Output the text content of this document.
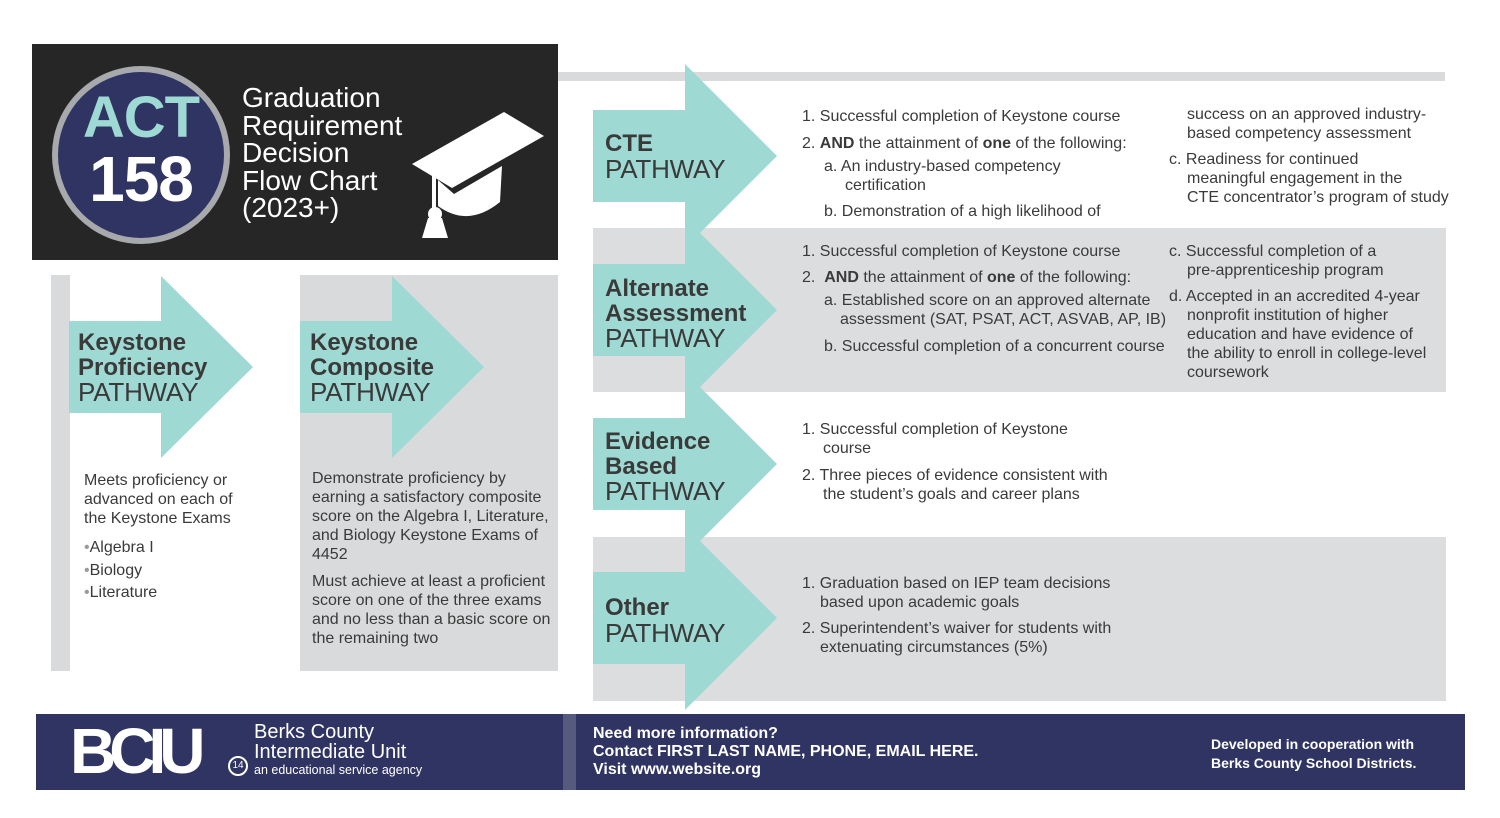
ACT
158
Graduation
Requirement
Decision
Flow Chart
(2023+)
Keystone
Proficiency
PATHWAY
Meets proficiency or
advanced on each of
the Keystone Exams
•Algebra I
•Biology
•Literature
Keystone
Composite
PATHWAY

Demonstrate proficiency by
earning a satisfactory composite
score on the Algebra I, Literature,
and Biology Keystone Exams of
4452

Must achieve at least a proficient
score on one of the three exams
and no less than a basic score on
the remaining two

CTE
PATHWAY
1. Successful completion of Keystone course
2. AND the attainment of one of the following:
a. An industry-based competency
certification
b. Demonstration of a high likelihood of
success on an approved industry-
based competency assessment
c. Readiness for continued
meaningful engagement in the
CTE concentrator’s program of study
Alternate
Assessment
PATHWAY
1. Successful completion of Keystone course
2. AND the attainment of one of the following:
a. Established score on an approved alternate
assessment (SAT, PSAT, ACT, ASVAB, AP, IB)
b. Successful completion of a concurrent course
c. Successful completion of a
pre-apprenticeship program
d. Accepted in an accredited 4-year
nonprofit institution of higher
education and have evidence of
the ability to enroll in college-level
coursework
Evidence
Based
PATHWAY
1. Successful completion of Keystone
course
2. Three pieces of evidence consistent with
the student’s goals and career plans
Other
PATHWAY
1. Graduation based on IEP team decisions
based upon academic goals
2. Superintendent’s waiver for students with
extenuating circumstances (5%)
BCIU	14
Berks County
Intermediate Unit
an educational service agency
Need more information?
Contact FIRST LAST NAME, PHONE, EMAIL HERE.
Visit www.website.org
Developed in cooperation with
Berks County School Districts.
